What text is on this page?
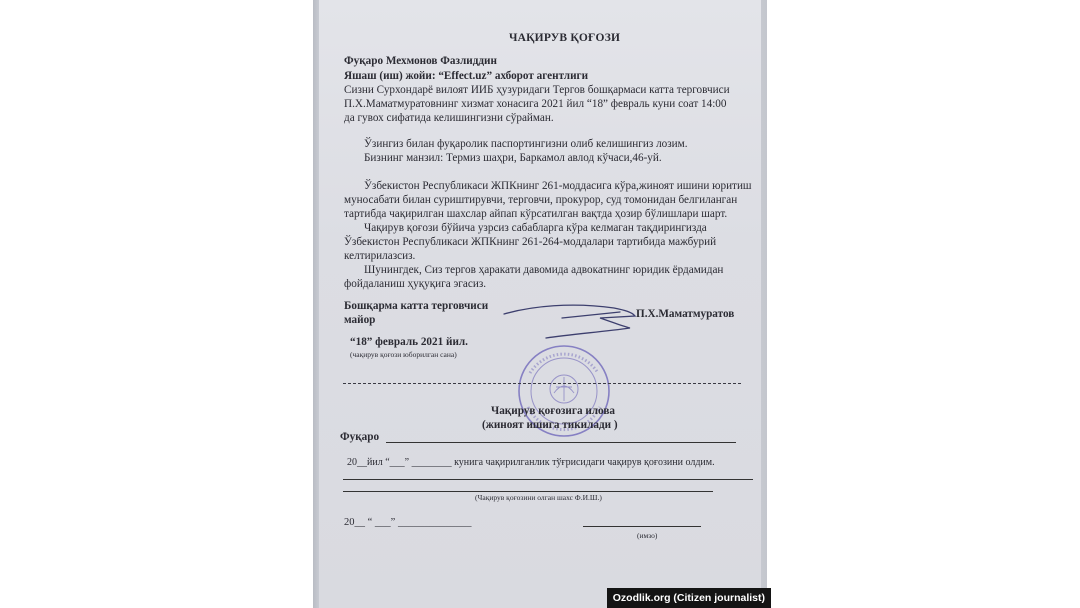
ЧАҚИРУВ ҚОҒОЗИ
Фуқаро Мехмонов Фазлиддин
Яшаш (иш) жойи: “Effect.uz” ахборот агентлиги
Сизни Сурхондарё вилоят ИИБ ҳузуридаги Тергов бошқармаси катта терговчиси
П.Х.Маматмуратовнинг хизмат хонасига 2021 йил “18” февраль куни соат 14:00
да гувох сифатида келишингизни сўрайман.
Ўзингиз билан фуқаролик паспортингизни олиб келишингиз лозим.
Бизнинг манзил: Термиз шаҳри, Баркамол авлод кўчаси,46-уй.
Ўзбекистон Республикаси ЖПКнинг 261-моддасига кўра,жиноят ишини юритиш
муносабати билан суриштирувчи, терговчи, прокурор, суд томонидан белгиланган
тартибда чақирилган шахслар айпап кўрсатилган вақтда ҳозир бўлишлари шарт.
Чақирув қоғози бўйича узрсиз сабабларга кўра келмаган тақдирингизда
Ўзбекистон Республикаси ЖПКнинг 261-264-моддалари тартибида мажбурий
келтирилазсиз.
Шунингдек, Сиз тергов ҳаракати давомида адвокатнинг юридик ёрдамидан
фойдаланиш ҳуқуқига эгасиз.
Бошқарма катта терговчиси
майор	П.Х.Маматмуратов
“18” февраль 2021 йил.
(чақирув қоғози юборилган сана)
Чақирув қоғозига илова
(жиноят ишига тикилади )
Фуқаро
20__йил “___” ________ кунига чақирилганлик тўғрисидаги чақирув қоғозини олдим.
(Чақирув қоғозини олган шахс Ф.И.Ш.)
20__ “ ___” ______________
(имзо)
Ozodlik.org (Citizen journalist)
